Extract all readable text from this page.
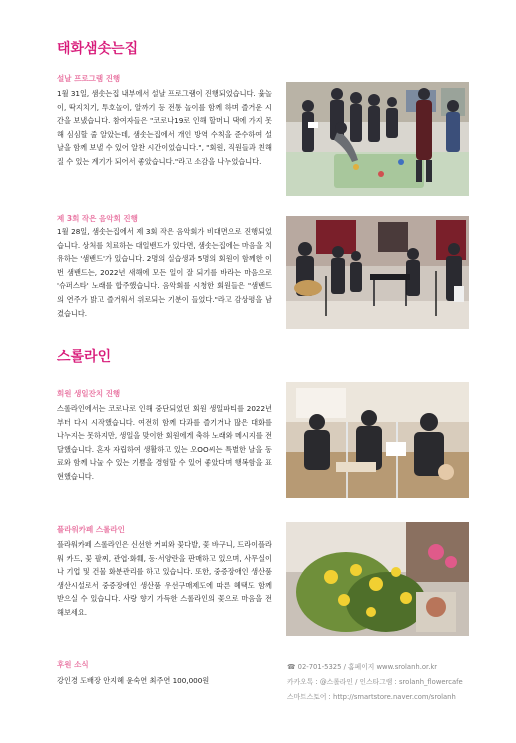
태화샘솟는집
설날 프로그램 진행

1월 31일, 샘솟는집 내부에서 설날 프로그램이 진행되었습니다. 윷놀이, 딱지치기, 투호놀이, 알까기 등 전통 놀이를 함께 하며 즐거운 시간을 보냈습니다. 참여자들은 "코로나19로 인해 할머니 댁에 가지 못해 심심할 줄 알았는데, 샘솟는집에서 개인 방역 수칙을 준수하여 설날을 함께 보낼 수 있어 알찬 시간이었습니다.", "회원, 직원들과 친해질 수 있는 계기가 되어서 좋았습니다."라고 소감을 나누었습니다.

제 3회 작은 음악회 진행

1월 28일, 샘솟는집에서 제 3회 작은 음악회가 비대면으로 진행되었습니다. 상처를 치료하는 대일밴드가 있다면, 샘솟는집에는 마음을 치유하는 '샘밴드'가 있습니다. 2명의 실습생과 5명의 회원이 함께한 이번 샘밴드는, 2022년 새해에 모든 일이 잘 되기를 바라는 마음으로 '슈퍼스타' 노래를 합주했습니다. 음악회를 시청한 회원들은 "샘밴드의 연주가 밝고 즐거워서 위로되는 기분이 들었다."라고 감상평을 남겼습니다.

스롤라인
회원 생일잔치 진행

스롤라인에서는 코로나로 인해 중단되었던 회원 생일파티를 2022년부터 다시 시작했습니다. 여전히 함께 다과를 즐기거나 많은 대화를 나누지는 못하지만, 생일을 맞이한 회원에게 축하 노래와 메시지를 전달했습니다. 혼자 자립하여 생활하고 있는 오OO씨는 특별한 날을 동료와 함께 나눌 수 있는 기쁨을 경험할 수 있어 좋았다며 행복함을 표현했습니다.

플라워카페 스롤라인

플라워카페 스롤라인은 신선한 커피와 꽃다발, 꽃 바구니, 드라이플라워 카드, 꽃 팔찌, 관엽·화훼, 동·서양란을 판매하고 있으며, 사무실이나 기업 및 건물 화분관리를 하고 있습니다. 또한, 중증장애인 생산품 생산시설로서 중증장애인 생산품 우선구매제도에 따른 혜택도 함께 받으실 수 있습니다. 사랑 향기 가득한 스롤라인의 꽃으로 마음을 전해보세요.

후원 소식

강인경 도배장 안지혜 윤숙연 최주연 100,000원

☎ 02-701-5325 / 홈페이지 www.srolanh.or.kr

카카오톡 : @스롤라인 / 인스타그램 : srolanh_flowercafe

스마트스토어 : http://smartstore.naver.com/srolanh
